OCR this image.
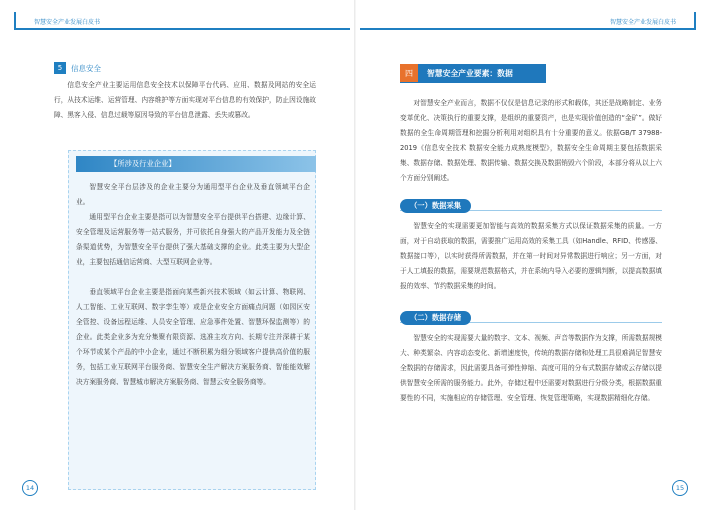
智慧安全产业发展白皮书	智慧安全产业发展白皮书
5	信息安全

信息安全产业主要运用信息安全技术以保障平台代码、应用、数据及网站的安全运行，从技术运维、运营管理、内容维护等方面实现对平台信息的有效保护，防止因设施故障、黑客入侵、信息过载等原因导致的平台信息泄露、丢失或篡改。

【所涉及行业企业】

智慧安全平台层涉及的企业主要分为通用型平台企业及垂直领域平台企业。

通用型平台企业主要是指可以为智慧安全平台提供平台搭建、边缘计算、安全管理及运营服务等一站式服务，并可依托自身强大的产品开发能力及全链条渠道优势，为智慧安全平台提供了强大基础支撑的企业。此类主要为大型企业，主要包括通信运营商、大型互联网企业等。

垂直领域平台企业主要是指面向某些新兴技术领域（如云计算、物联网、人工智能、工业互联网、数字孪生等）或是企业安全方面痛点问题（如园区安全管控、设备远程运维、人员安全管理、应急事件处置、智慧环保监测等）的企业。此类企业多为充分集聚有限资源、选准主攻方向、长期专注并深耕于某个环节或某个产品的中小企业，通过不断积累为细分领域客户提供高价值的服务，包括工业互联网平台服务商、智慧安全生产解决方案服务商、智能能效解决方案服务商、智慧城市解决方案服务商、智慧云安全服务商等。

14
四	智慧安全产业要素：数据

对智慧安全产业而言，数据不仅仅是信息记录的形式和载体，其还是战略制定、业务变革优化、决策执行的重要支撑，是组织的重要资产，也是实现价值创造的“金矿”。做好数据的全生命周期管理和挖掘分析利用对组织具有十分重要的意义。依据GB/T 37988-2019《信息安全技术 数据安全能力成熟度模型》，数据安全生命周期主要包括数据采集、数据存储、数据处理、数据传输、数据交换及数据销毁六个阶段，本部分将从以上六个方面分别阐述。

（一）数据采集

智慧安全的实现需要更加智能与高效的数据采集方式以保证数据采集的质量。一方面，对于自动获取的数据，需要推广运用高效的采集工具（如Handle、RFID、传感器、数据接口等），以实时获得所需数据，并在第一时间对异常数据进行响应；另一方面，对于人工填报的数据，需要规范数据格式，并在系统内导入必要的逻辑判断，以提高数据填报的效率、节约数据采集的时间。

（二）数据存储

智慧安全的实现需要大量的数字、文本、视频、声音等数据作为支撑，所需数据规模大、种类繁杂、内容动态变化、新增速度快，传统的数据存储和处理工具很难满足智慧安全数据的存储需求，因此需要具备可弹性伸缩、高度可用的分布式数据存储或云存储以提供智慧安全所需的服务能力。此外，存储过程中还需要对数据进行分级分类，根据数据重要性的不同，实施相应的存储管理、安全管理、恢复管理策略，实现数据精细化存储。

15
